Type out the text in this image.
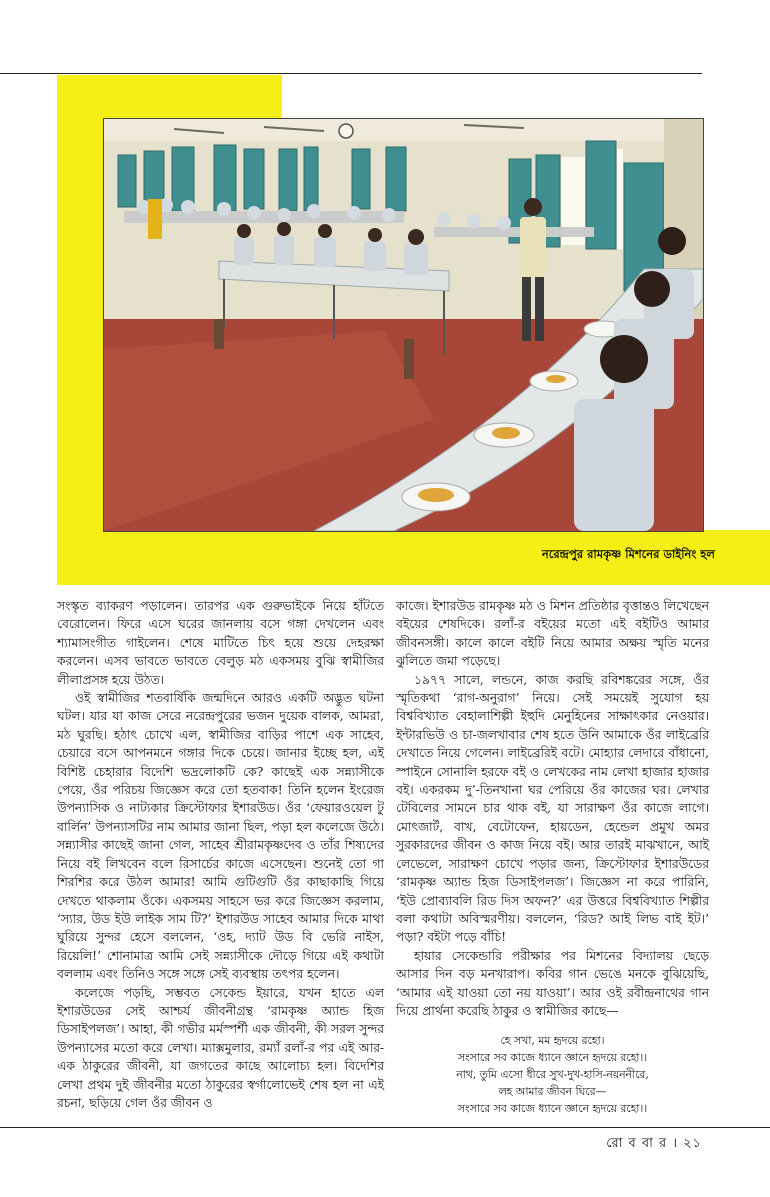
নরেন্দ্রপুর রামকৃষ্ণ মিশনের ডাইনিং হল

সংস্কৃত ব্যাকরণ পড়ালেন। তারপর এক গুরুভাইকে নিয়ে হাঁটতে বেরোলেন। ফিরে এসে ঘরের জানলায় বসে গঙ্গা দেখলেন এবং শ্যামাসংগীত গাইলেন। শেষে মাটিতে চিৎ হয়ে শুয়ে দেহরক্ষা করলেন। এসব ভাবতে ভাবতে বেলুড় মঠ একসময় বুঝি স্বামীজির লীলাপ্রসঙ্গ হয়ে উঠত।

ওই স্বামীজির শতবার্ষিকি জন্মদিনে আরও একটি অদ্ভুত ঘটনা ঘটল। যার যা কাজ সেরে নরেন্দ্রপুরের ভজন দুয়েক বালক, আমরা, মঠ ঘুরছি। হঠাৎ চোখে এল, স্বামীজির বাড়ির পাশে এক সাহেব, চেয়ারে বসে আপনমনে গঙ্গার দিকে চেয়ে। জানার ইচ্ছে হল, এই বিশিষ্ট চেহারার বিদেশি ভদ্রলোকটি কে? কাছেই এক সন্ন্যাসীকে পেয়ে, ওঁর পরিচয় জিজ্ঞেস করে তো হতবাক! তিনি হলেন ইংরেজ উপন্যাসিক ও নাট্যকার ক্রিস্টোফার ইশারউড। ওঁর ‘ফেয়ারওয়েল টু বার্লিন’ উপন্যাসটির নাম আমার জানা ছিল, পড়া হল কলেজে উঠে। সন্ন্যাসীর কাছেই জানা গেল, সাহেব শ্রীরামকৃষ্ণদেব ও তাঁর শিষ্যদের নিয়ে বই লিখবেন বলে রিসার্চের কাজে এসেছেন। শুনেই তো গা শিরশির করে উঠল আমার! আমি গুটিগুটি ওঁর কাছাকাছি গিয়ে দেখতে থাকলাম ওঁকে। একসময় সাহসে ভর করে জিজ্ঞেস করলাম, ‘স্যার, উড ইউ লাইক সাম টি?’ ইশারউড সাহেব আমার দিকে মাথা ঘুরিয়ে সুন্দর হেসে বললেন, ‘ওহ, দ্যাট উড বি ভেরি নাইস, রিয়েলি!’ শোনামাত্র আমি সেই সন্ন্যাসীকে দৌড়ে গিয়ে এই কথাটা বললাম এবং তিনিও সঙ্গে সঙ্গে সেই ব্যবস্থায় তৎপর হলেন।

কলেজে পড়ছি, সম্ভবত সেকেন্ড ইয়ারে, যখন হাতে এল ইশারউডের সেই আশ্চর্য জীবনীগ্রন্থ ‘রামকৃষ্ণ অ্যান্ড হিজ ডিসাইপলজ’। আহা, কী গভীর মর্মস্পর্শী এক জীবনী, কী সরল সুন্দর উপন্যাসের মতো করে লেখা। ম্যাক্সমুলার, রম্যাঁ রলাঁ-র পর এই আর-এক ঠাকুরের জীবনী, যা জগতের কাছে আলোচ্য হল। বিদেশির লেখা প্রথম দুই জীবনীর মতো ঠাকুরের স্বর্গালোভেই শেষ হল না এই রচনা, ছড়িয়ে গেল ওঁর জীবন ও

কাজে। ইশারউড রামকৃষ্ণ মঠ ও মিশন প্রতিষ্ঠার বৃত্তান্তও লিখেছেন বইয়ের শেষদিকে। রলাঁ-র বইয়ের মতো এই বইটিও আমার জীবনসঙ্গী। কালে কালে বইটি নিয়ে আমার অক্ষয় স্মৃতি মনের ঝুলিতে জমা পড়েছে।

১৯৭৭ সালে, লন্ডনে, কাজ করছি রবিশঙ্করের সঙ্গে, ওঁর স্মৃতিকথা ‘রাগ-অনুরাগ’ নিয়ে। সেই সময়েই সুযোগ হয় বিশ্ববিখ্যাত বেহালাশিল্পী ইহুদি মেনুহিনের সাক্ষাৎকার নেওয়ার। ইন্টারভিউ ও চা-জলখাবার শেষ হতে উনি আমাকে ওঁর লাইব্রেরি দেখাতে নিয়ে গেলেন। লাইব্রেরিই বটে। মোহ্যার লেদারে বাঁধানো, স্পাইনে সোনালি হরফে বই ও লেখকের নাম লেখা হাজার হাজার বই। একরকম দু’-তিনখানা ঘর পেরিয়ে ওঁর কাজের ঘর। লেখার টেবিলের সামনে চার থাক বই, যা সারাক্ষণ ওঁর কাজে লাগে। মোৎজার্ট, বাখ, বেটোফেন, হায়ডেন, হেন্ডেল প্রমুখ অমর সুরকারদের জীবন ও কাজ নিয়ে বই। আর তারই মাঝখানে, আই লেভেলে, সারাক্ষণ চোখে পড়ার জন্য, ক্রিস্টোফার ইশারউডের ‘রামকৃষ্ণ অ্যান্ড হিজ ডিসাইপলজ’। জিজ্ঞেস না করে পারিনি, ‘ইউ প্রোব্যাবলি রিড দিস অফন?’ এর উত্তরে বিশ্ববিখ্যাত শিল্পীর বলা কথাটা অবিস্মরণীয়। বললেন, ‘রিড? আই লিভ বাই ইট।’ পড়া? বইটা পড়ে বাঁচি!

হায়ার সেকেন্ডারি পরীক্ষার পর মিশনের বিদ্যালয় ছেড়ে আসার দিন বড় মনখারাপ। কবির গান ভেঙে মনকে বুঝিয়েছি, ‘আমার এই যাওয়া তো নয় যাওয়া’। আর ওই রবীন্দ্রনাথের গান দিয়ে প্রার্থনা করেছি ঠাকুর ও স্বামীজির কাছে—

হে সখা, মম হৃদয়ে রহো।
সংসারে সব কাজে ধ্যানে জ্ঞানে হৃদয়ে রহো।।
নাথ, তুমি এসো ধীরে সুখ-দুখ-হাসি-নয়ননীরে,
লহ আমার জীবন ঘিরে—
সংসারে সব কাজে ধ্যানে জ্ঞানে হৃদয়ে রহো।।
রো ব বা র । ২১
